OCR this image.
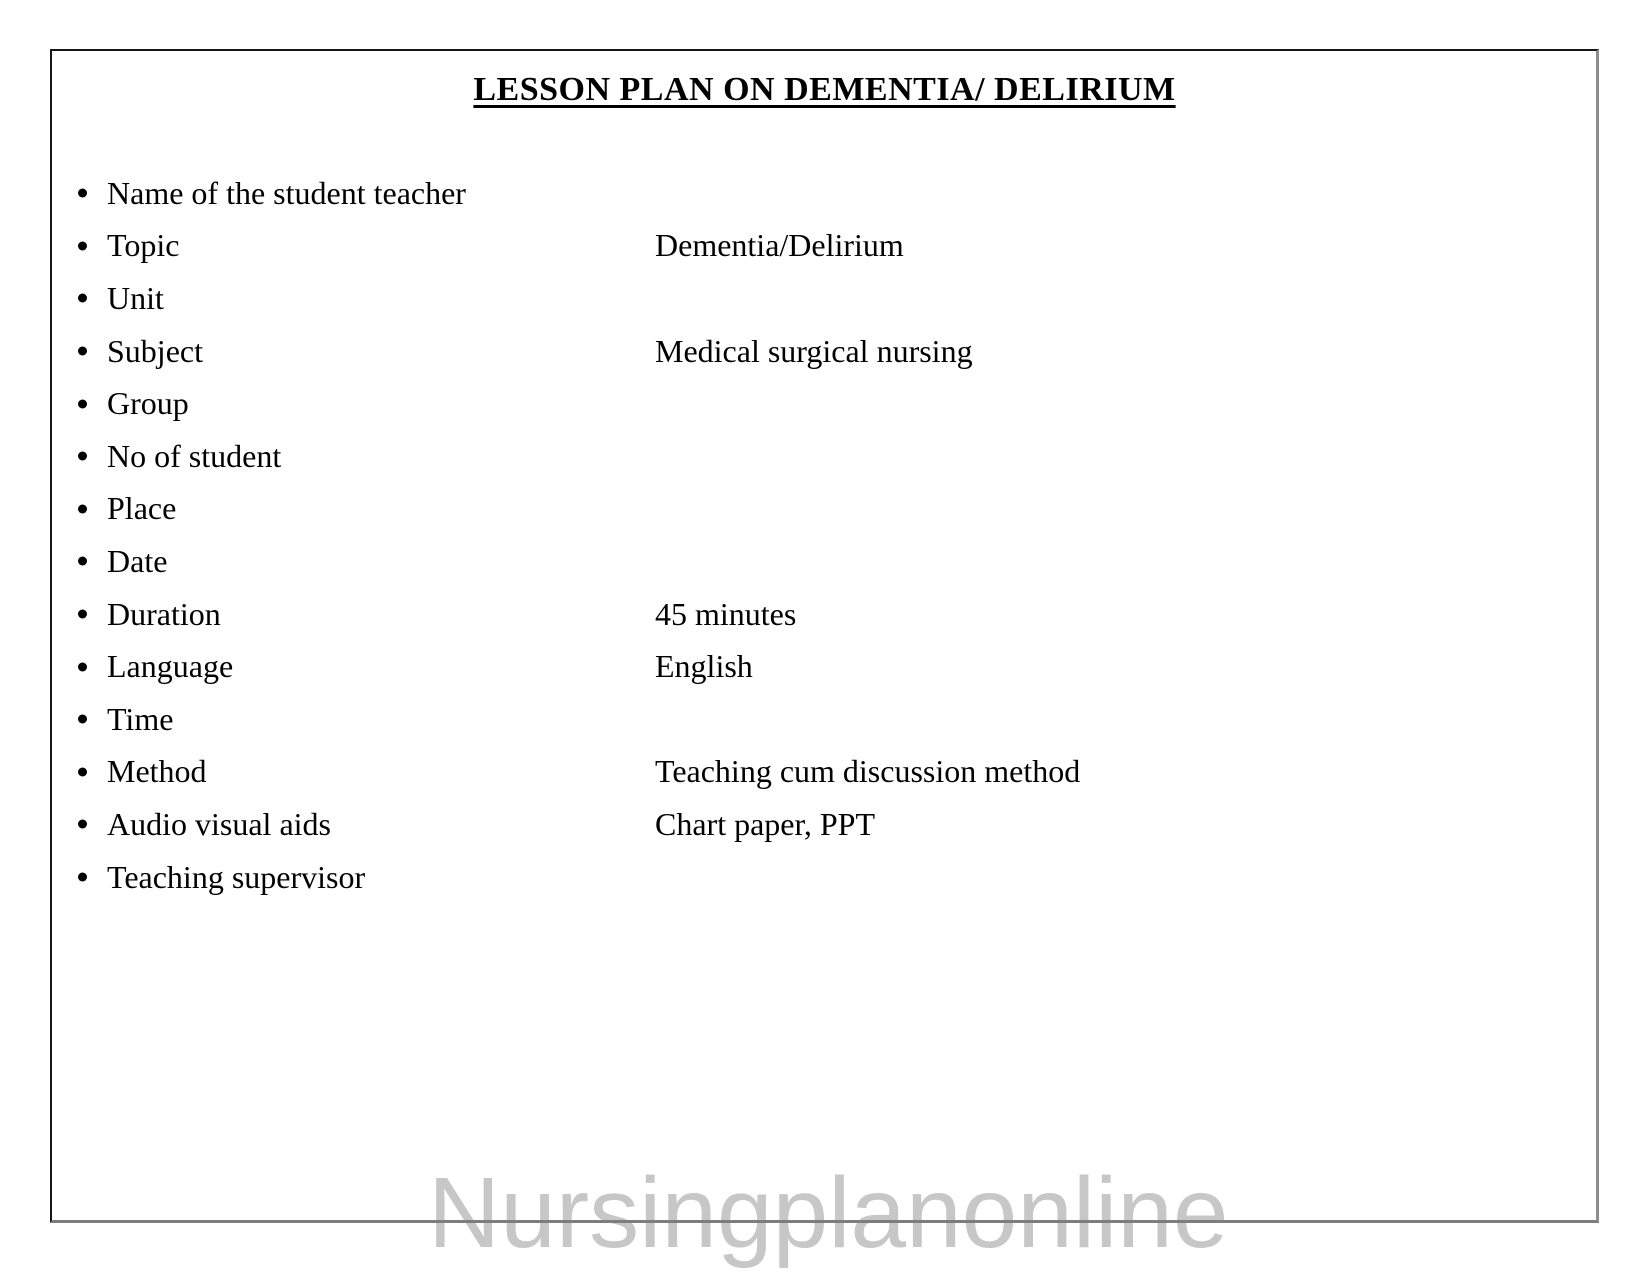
LESSON PLAN ON DEMENTIA/ DELIRIUM
Name of the student teacher
Topic	Dementia/Delirium
Unit
Subject	Medical surgical nursing
Group
No of student
Place
Date
Duration	45 minutes
Language	English
Time
Method	Teaching cum discussion method
Audio visual aids	Chart paper, PPT
Teaching supervisor
Nursingplanonline
